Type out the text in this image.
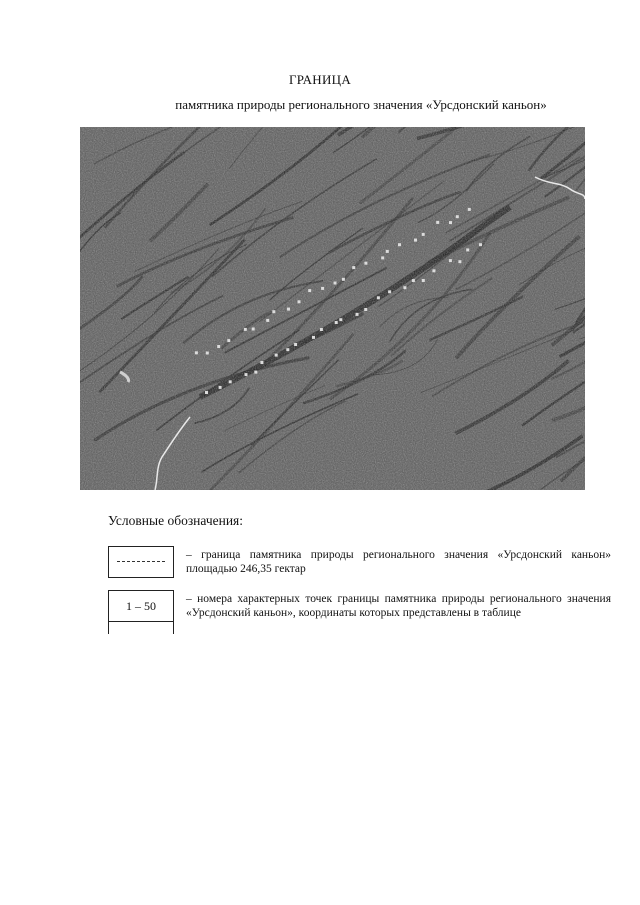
ГРАНИЦА
памятника природы регионального значения «Урсдонский каньон»
Условные обозначения:
– граница памятника природы регионального значения «Урсдонский каньон» площадью 246,35 гектар
1 – 50	– номера характерных точек границы памятника природы регионального значения «Урсдонский каньон», координаты которых представлены в таблице
